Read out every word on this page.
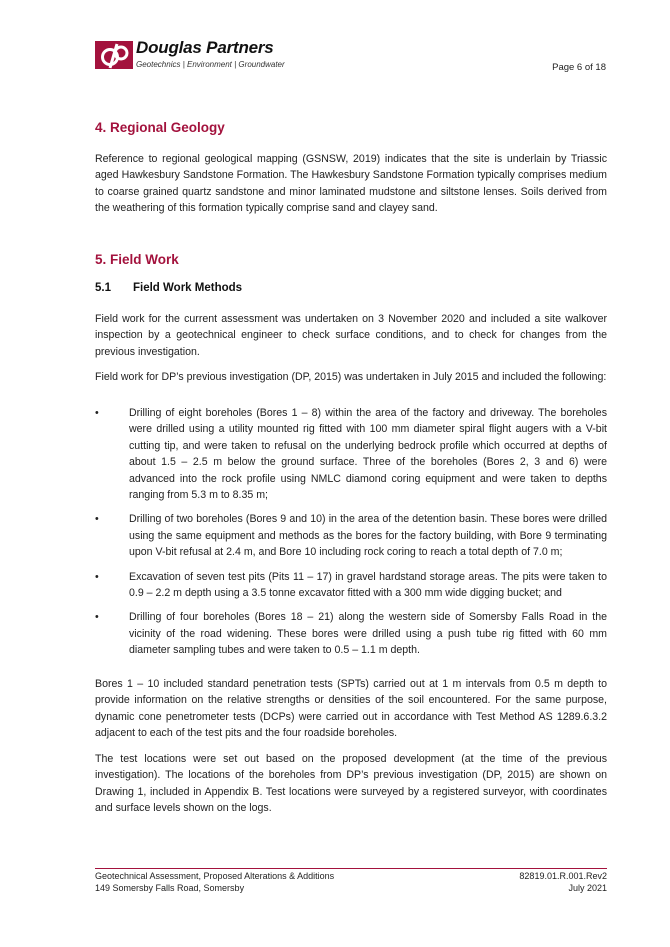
Douglas Partners
Geotechnics | Environment | Groundwater	Page 6 of 18
4. Regional Geology

Reference to regional geological mapping (GSNSW, 2019) indicates that the site is underlain by Triassic aged Hawkesbury Sandstone Formation. The Hawkesbury Sandstone Formation typically comprises medium to coarse grained quartz sandstone and minor laminated mudstone and siltstone lenses. Soils derived from the weathering of this formation typically comprise sand and clayey sand.

5. Field Work
5.1 Field Work Methods

Field work for the current assessment was undertaken on 3 November 2020 and included a site walkover inspection by a geotechnical engineer to check surface conditions, and to check for changes from the previous investigation.

Field work for DP’s previous investigation (DP, 2015) was undertaken in July 2015 and included the following:

•	Drilling of eight boreholes (Bores 1 – 8) within the area of the factory and driveway. The boreholes were drilled using a utility mounted rig fitted with 100 mm diameter spiral flight augers with a V-bit cutting tip, and were taken to refusal on the underlying bedrock profile which occurred at depths of about 1.5 – 2.5 m below the ground surface. Three of the boreholes (Bores 2, 3 and 6) were advanced into the rock profile using NMLC diamond coring equipment and were taken to depths ranging from 5.3 m to 8.35 m;
•	Drilling of two boreholes (Bores 9 and 10) in the area of the detention basin. These bores were drilled using the same equipment and methods as the bores for the factory building, with Bore 9 terminating upon V-bit refusal at 2.4 m, and Bore 10 including rock coring to reach a total depth of 7.0 m;
•	Excavation of seven test pits (Pits 11 – 17) in gravel hardstand storage areas. The pits were taken to 0.9 – 2.2 m depth using a 3.5 tonne excavator fitted with a 300 mm wide digging bucket; and
•	Drilling of four boreholes (Bores 18 – 21) along the western side of Somersby Falls Road in the vicinity of the road widening. These bores were drilled using a push tube rig fitted with 60 mm diameter sampling tubes and were taken to 0.5 – 1.1 m depth.

Bores 1 – 10 included standard penetration tests (SPTs) carried out at 1 m intervals from 0.5 m depth to provide information on the relative strengths or densities of the soil encountered. For the same purpose, dynamic cone penetrometer tests (DCPs) were carried out in accordance with Test Method AS 1289.6.3.2 adjacent to each of the test pits and the four roadside boreholes.

The test locations were set out based on the proposed development (at the time of the previous investigation). The locations of the boreholes from DP’s previous investigation (DP, 2015) are shown on Drawing 1, included in Appendix B. Test locations were surveyed by a registered surveyor, with coordinates and surface levels shown on the logs.

Geotechnical Assessment, Proposed Alterations & Additions
149 Somersby Falls Road, Somersby
82819.01.R.001.Rev2
July 2021
